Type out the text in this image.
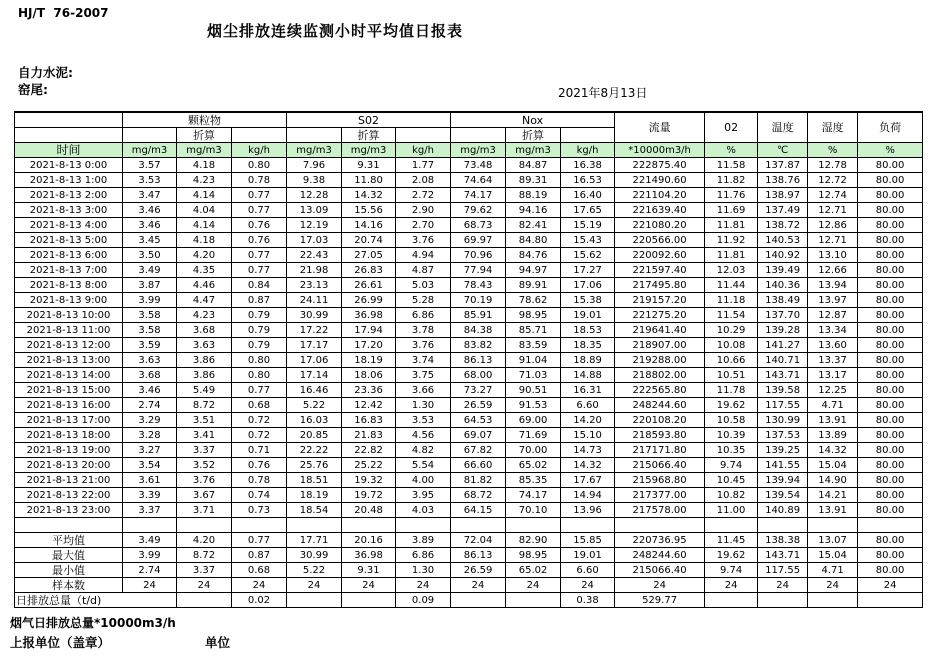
HJ/T  76-2007
烟尘排放连续监测小时平均值日报表
自力水泥:
窑尾:	2021年8月13日
	颗粒物			S02			Nox			流量	02	温度	湿度	负荷
		折算			折算			折算						
时间	mg/m3	mg/m3	kg/h	mg/m3	mg/m3	kg/h	mg/m3	mg/m3	kg/h	*10000m3/h	%	℃	%	%
2021-8-13 0:00	3.57	4.18	0.80	7.96	9.31	1.77	73.48	84.87	16.38	222875.40	11.58	137.87	12.78	80.00
2021-8-13 1:00	3.53	4.23	0.78	9.38	11.80	2.08	74.64	89.31	16.53	221490.60	11.82	138.76	12.72	80.00
2021-8-13 2:00	3.47	4.14	0.77	12.28	14.32	2.72	74.17	88.19	16.40	221104.20	11.76	138.97	12.74	80.00
2021-8-13 3:00	3.46	4.04	0.77	13.09	15.56	2.90	79.62	94.16	17.65	221639.40	11.69	137.49	12.71	80.00
2021-8-13 4:00	3.46	4.14	0.76	12.19	14.16	2.70	68.73	82.41	15.19	221080.20	11.81	138.72	12.86	80.00
2021-8-13 5:00	3.45	4.18	0.76	17.03	20.74	3.76	69.97	84.80	15.43	220566.00	11.92	140.53	12.71	80.00
2021-8-13 6:00	3.50	4.20	0.77	22.43	27.05	4.94	70.96	84.76	15.62	220092.60	11.81	140.92	13.10	80.00
2021-8-13 7:00	3.49	4.35	0.77	21.98	26.83	4.87	77.94	94.97	17.27	221597.40	12.03	139.49	12.66	80.00
2021-8-13 8:00	3.87	4.46	0.84	23.13	26.61	5.03	78.43	89.91	17.06	217495.80	11.44	140.36	13.94	80.00
2021-8-13 9:00	3.99	4.47	0.87	24.11	26.99	5.28	70.19	78.62	15.38	219157.20	11.18	138.49	13.97	80.00
2021-8-13 10:00	3.58	4.23	0.79	30.99	36.98	6.86	85.91	98.95	19.01	221275.20	11.54	137.70	12.87	80.00
2021-8-13 11:00	3.58	3.68	0.79	17.22	17.94	3.78	84.38	85.71	18.53	219641.40	10.29	139.28	13.34	80.00
2021-8-13 12:00	3.59	3.63	0.79	17.17	17.20	3.76	83.82	83.59	18.35	218907.00	10.08	141.27	13.60	80.00
2021-8-13 13:00	3.63	3.86	0.80	17.06	18.19	3.74	86.13	91.04	18.89	219288.00	10.66	140.71	13.37	80.00
2021-8-13 14:00	3.68	3.86	0.80	17.14	18.06	3.75	68.00	71.03	14.88	218802.00	10.51	143.71	13.17	80.00
2021-8-13 15:00	3.46	5.49	0.77	16.46	23.36	3.66	73.27	90.51	16.31	222565.80	11.78	139.58	12.25	80.00
2021-8-13 16:00	2.74	8.72	0.68	5.22	12.42	1.30	26.59	91.53	6.60	248244.60	19.62	117.55	4.71	80.00
2021-8-13 17:00	3.29	3.51	0.72	16.03	16.83	3.53	64.53	69.00	14.20	220108.20	10.58	130.99	13.91	80.00
2021-8-13 18:00	3.28	3.41	0.72	20.85	21.83	4.56	69.07	71.69	15.10	218593.80	10.39	137.53	13.89	80.00
2021-8-13 19:00	3.27	3.37	0.71	22.22	22.82	4.82	67.82	70.00	14.73	217171.80	10.35	139.25	14.32	80.00
2021-8-13 20:00	3.54	3.52	0.76	25.76	25.22	5.54	66.60	65.02	14.32	215066.40	9.74	141.55	15.04	80.00
2021-8-13 21:00	3.61	3.76	0.78	18.51	19.32	4.00	81.82	85.35	17.67	215968.80	10.45	139.94	14.90	80.00
2021-8-13 22:00	3.39	3.67	0.74	18.19	19.72	3.95	68.72	74.17	14.94	217377.00	10.82	139.54	14.21	80.00
2021-8-13 23:00	3.37	3.71	0.73	18.54	20.48	4.03	64.15	70.10	13.96	217578.00	11.00	140.89	13.91	80.00

平均值	3.49	4.20	0.77	17.71	20.16	3.89	72.04	82.90	15.85	220736.95	11.45	138.38	13.07	80.00
最大值	3.99	8.72	0.87	30.99	36.98	6.86	86.13	98.95	19.01	248244.60	19.62	143.71	15.04	80.00
最小值	2.74	3.37	0.68	5.22	9.31	1.30	26.59	65.02	6.60	215066.40	9.74	117.55	4.71	80.00
样本数	24	24	24	24	24	24	24	24	24	24	24	24	24	24
日排放总量（t/d)			0.02			0.09			0.38	529.77				
烟气日排放总量*10000m3/h
上报单位（盖章）	单位
